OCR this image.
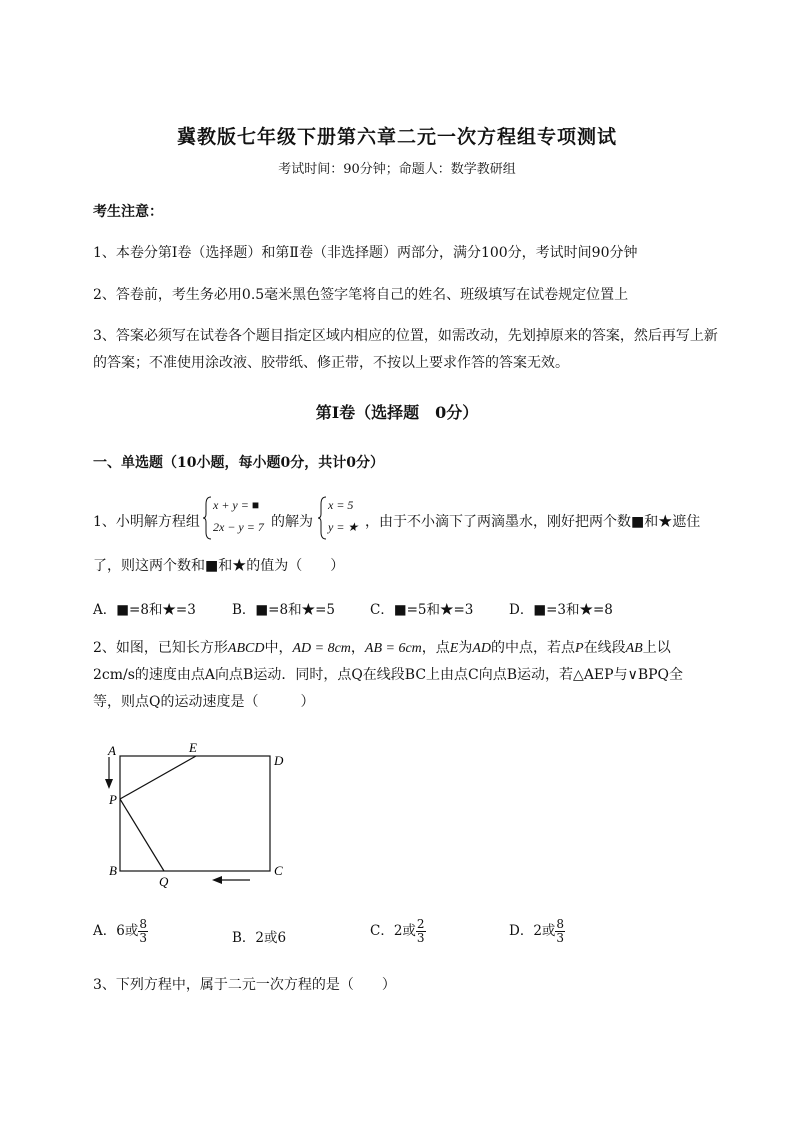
冀教版七年级下册第六章二元一次方程组专项测试
考试时间：90分钟；命题人：数学教研组
考生注意：
1、本卷分第I卷（选择题）和第Ⅱ卷（非选择题）两部分，满分100分，考试时间90分钟
2、答卷前，考生务必用0.5毫米黑色签字笔将自己的姓名、班级填写在试卷规定位置上
3、答案必须写在试卷各个题目指定区域内相应的位置，如需改动，先划掉原来的答案，然后再写上新
的答案；不准使用涂改液、胶带纸、修正带，不按以上要求作答的答案无效。
第I卷（选择题　0分）
一、单选题（10小题，每小题0分，共计0分）
1、小明解方程组
x + y = ■
2x − y = 7 的解为
x = 5
y = ★ ，由于不小滴下了两滴墨水，刚好把两个数■和★遮住
了，则这两个数和■和★的值为（　　）
A．■=8和★=3	B．■=8和★=5	C．■=5和★=3	D．■=3和★=8
2、如图，已知长方形ABCD中，AD = 8cm，AB = 6cm，点E为AD的中点，若点P在线段AB上以
2cm/s的速度由点A向点B运动．同时，点Q在线段BC上由点C向点B运动，若△AEP与∨BPQ全
等，则点Q的运动速度是（　　　）
A	E
D
P
B
Q
C
A．6或 $\frac{8}{3}$	B．2或6	C．2或 $\frac{2}{3}$	D．2或 $\frac{8}{3}$
3、下列方程中，属于二元一次方程的是（　　）
